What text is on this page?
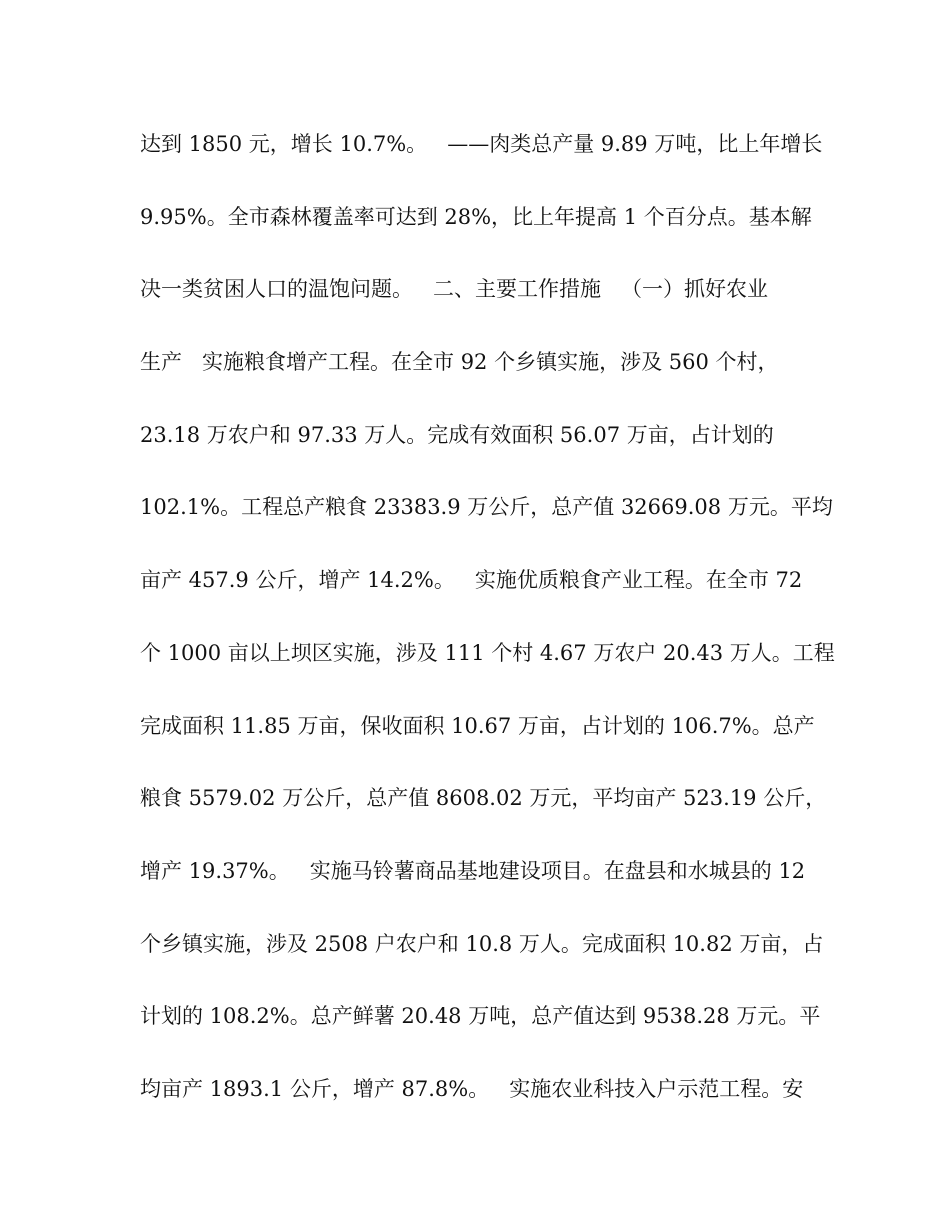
达到 1850 元，增长 10.7%。   ——肉类总产量 9.89 万吨，比上年增长
9.95%。全市森林覆盖率可达到 28%，比上年提高 1 个百分点。基本解
决一类贫困人口的温饱问题。   二、主要工作措施   （一）抓好农业
生产   实施粮食增产工程。在全市 92 个乡镇实施，涉及 560 个村，
23.18 万农户和 97.33 万人。完成有效面积 56.07 万亩，占计划的
102.1%。工程总产粮食 23383.9 万公斤，总产值 32669.08 万元。平均
亩产 457.9 公斤，增产 14.2%。   实施优质粮食产业工程。在全市 72
个 1000 亩以上坝区实施，涉及 111 个村 4.67 万农户 20.43 万人。工程
完成面积 11.85 万亩，保收面积 10.67 万亩，占计划的 106.7%。总产
粮食 5579.02 万公斤，总产值 8608.02 万元，平均亩产 523.19 公斤，
增产 19.37%。   实施马铃薯商品基地建设项目。在盘县和水城县的 12
个乡镇实施，涉及 2508 户农户和 10.8 万人。完成面积 10.82 万亩，占
计划的 108.2%。总产鲜薯 20.48 万吨，总产值达到 9538.28 万元。平
均亩产 1893.1 公斤，增产 87.8%。   实施农业科技入户示范工程。安
